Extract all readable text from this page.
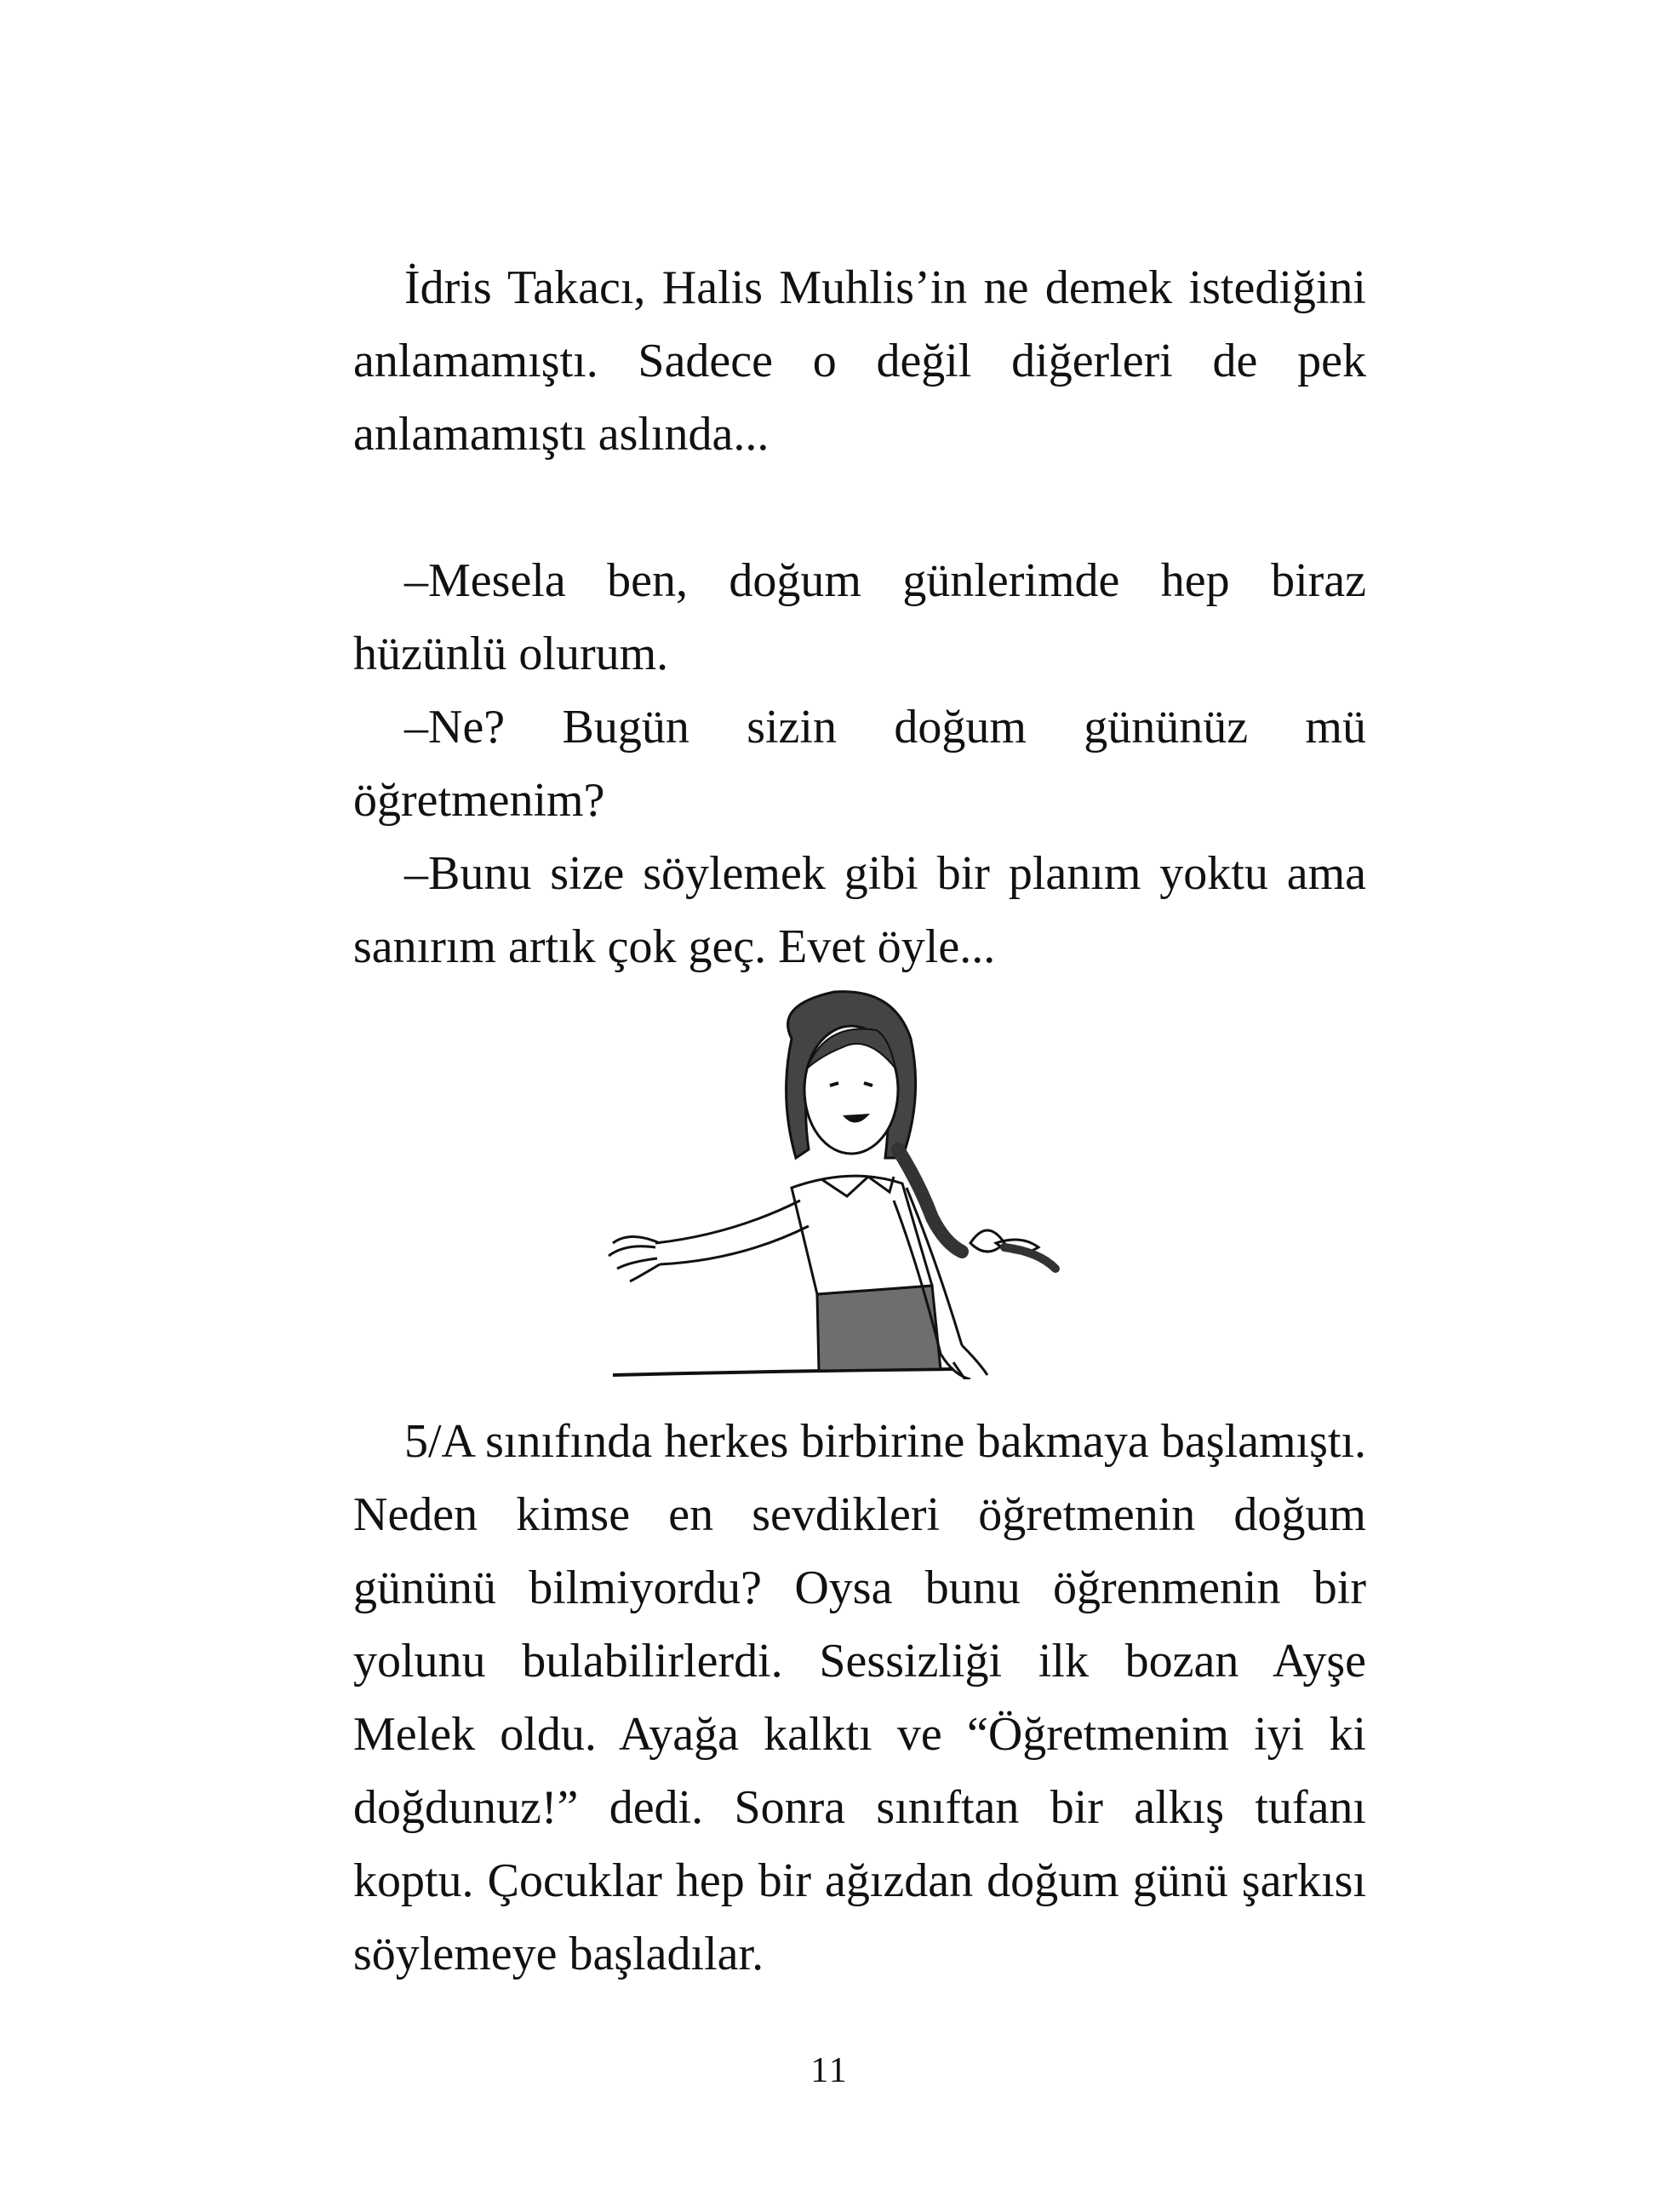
İdris Takacı, Halis Muhlis’in ne demek istediğini anlamamıştı. Sadece o değil diğerleri de pek anlamamıştı aslında...

–Mesela ben, doğum günlerimde hep biraz hüzünlü olurum.

–Ne? Bugün sizin doğum gününüz mü öğretmenim?

–Bunu size söylemek gibi bir planım yoktu ama sanırım artık çok geç. Evet öyle...

5/A sınıfında herkes birbirine bakmaya başlamıştı. Neden kimse en sevdikleri öğretmenin doğum gününü bilmiyordu? Oysa bunu öğrenmenin bir yolunu bulabilirlerdi. Sessizliği ilk bozan Ayşe Melek oldu. Ayağa kalktı ve “Öğretmenim iyi ki doğdunuz!” dedi. Sonra sınıftan bir alkış tufanı koptu. Çocuklar hep bir ağızdan doğum günü şarkısı söylemeye başladılar.

11
